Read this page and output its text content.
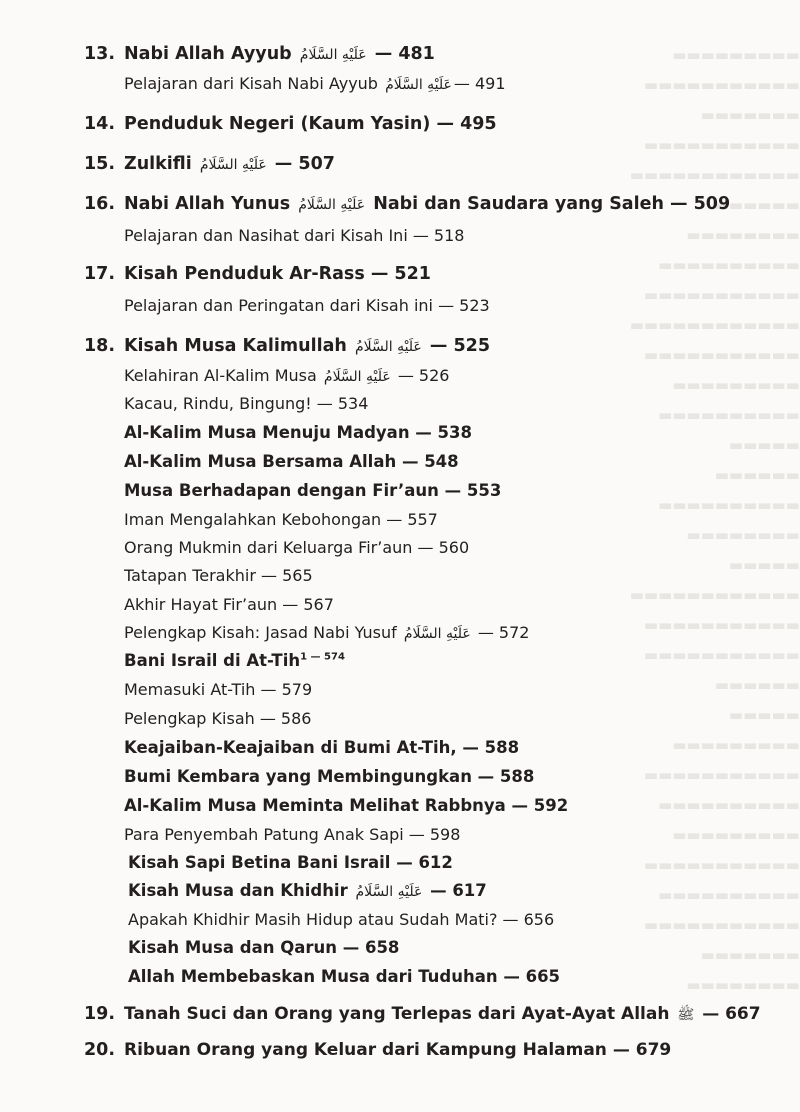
▬▬▬▬▬▬▬▬▬
▬▬▬▬▬▬▬▬▬▬▬
▬▬▬▬▬▬▬
▬▬▬▬▬▬▬▬▬▬▬
▬▬▬▬▬▬▬▬▬▬▬▬
▬▬▬▬▬▬
▬▬▬▬▬▬▬▬
▬▬▬▬▬▬▬▬▬▬
▬▬▬▬▬▬▬▬▬▬▬
▬▬▬▬▬▬▬▬▬▬▬▬
▬▬▬▬▬▬▬▬▬▬▬
▬▬▬▬▬▬▬▬▬
▬▬▬▬▬▬▬▬▬▬
▬▬▬▬▬
▬▬▬▬▬▬
▬▬▬▬▬▬▬▬▬▬
▬▬▬▬▬▬▬▬
▬▬▬▬▬
▬▬▬▬▬▬▬▬▬▬▬▬
▬▬▬▬▬▬▬▬▬▬▬
▬▬▬▬▬▬▬▬▬▬▬
▬▬▬▬▬▬
▬▬▬▬▬
▬▬▬▬▬▬▬▬▬
▬▬▬▬▬▬▬▬▬▬▬
▬▬▬▬▬▬▬▬▬▬
▬▬▬▬▬▬▬▬▬
▬▬▬▬▬▬▬▬▬▬▬
▬▬▬▬▬▬▬▬▬▬
▬▬▬▬▬▬▬▬▬▬▬
▬▬▬▬▬▬▬
▬▬▬▬▬▬▬▬
13. Nabi Allah Ayyub عَلَيْهِ السَّلَامُ — 481
Pelajaran dari Kisah Nabi Ayyub عَلَيْهِ السَّلَامُ — 491
14. Penduduk Negeri (Kaum Yasin) — 495
15. Zulkifli عَلَيْهِ السَّلَامُ — 507
16. Nabi Allah Yunus عَلَيْهِ السَّلَامُ Nabi dan Saudara yang Saleh — 509
Pelajaran dan Nasihat dari Kisah Ini — 518
17. Kisah Penduduk Ar-Rass — 521
Pelajaran dan Peringatan dari Kisah ini — 523
18. Kisah Musa Kalimullah عَلَيْهِ السَّلَامُ — 525
Kelahiran Al-Kalim Musa عَلَيْهِ السَّلَامُ — 526
Kacau, Rindu, Bingung! — 534
Al-Kalim Musa Menuju Madyan — 538
Al-Kalim Musa Bersama Allah — 548
Musa Berhadapan dengan Fir’aun — 553
Iman Mengalahkan Kebohongan — 557
Orang Mukmin dari Keluarga Fir’aun — 560
Tatapan Terakhir — 565
Akhir Hayat Fir’aun — 567
Pelengkap Kisah: Jasad Nabi Yusuf عَلَيْهِ السَّلَامُ — 572
Bani Israil di At-Tih$^{1 — 574}$
Memasuki At-Tih — 579
Pelengkap Kisah — 586
Keajaiban-Keajaiban di Bumi At-Tih, — 588
Bumi Kembara yang Membingungkan — 588
Al-Kalim Musa Meminta Melihat Rabbnya — 592
Para Penyembah Patung Anak Sapi — 598
Kisah Sapi Betina Bani Israil — 612
Kisah Musa dan Khidhir عَلَيْهِ السَّلَامُ — 617
Apakah Khidhir Masih Hidup atau Sudah Mati? — 656
Kisah Musa dan Qarun — 658
Allah Membebaskan Musa dari Tuduhan — 665
19. Tanah Suci dan Orang yang Terlepas dari Ayat-Ayat Allah ﷺ — 667
20. Ribuan Orang yang Keluar dari Kampung Halaman — 679
